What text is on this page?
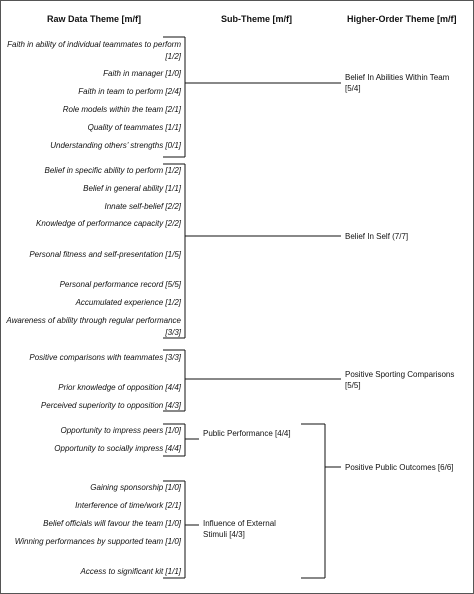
Raw Data Theme [m/f]	Sub-Theme [m/f]	Higher-Order Theme [m/f]
Faith in ability of individual teammates to perform [1/2]
Faith in manager [1/0]
Faith in team to perform [2/4]
Role models within the team [2/1]
Quality of teammates [1/1]
Understanding others’ strengths [0/1]
Belief in specific ability to perform [1/2]
Belief in general ability [1/1]
Innate self-belief [2/2]
Knowledge of performance capacity [2/2]
Personal fitness and self-presentation [1/5]
Personal performance record [5/5]
Accumulated experience [1/2]
Awareness of ability through regular performance [3/3]
Positive comparisons with teammates [3/3]
Prior knowledge of opposition [4/4]
Perceived superiority to opposition [4/3]
Opportunity to impress peers [1/0]
Opportunity to socially impress [4/4]
Gaining sponsorship [1/0]
Interference of time/work [2/1]
Belief officials will favour the team [1/0]
Winning performances by supported team [1/0]
Access to significant kit [1/1]
Public Performance [4/4]
Influence of External Stimuli [4/3]
Belief In Abilities Within Team [5/4]
Belief In Self (7/7]
Positive Sporting Comparisons [5/5]
Positive Public Outcomes [6/6]
